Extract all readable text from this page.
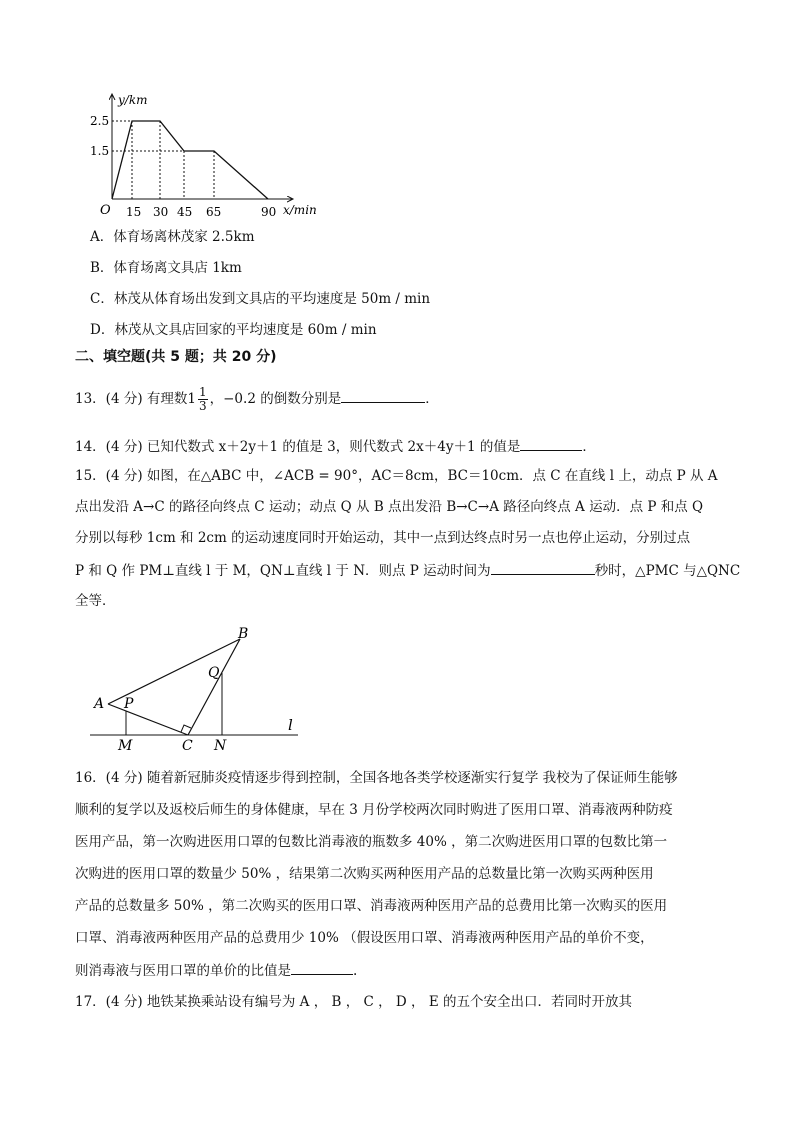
y/km
2.5
1.5
O 15 30 45 65	90 x/min
A．体育场离林茂家 2.5km
B．体育场离文具店 1km
C．林茂从体育场出发到文具店的平均速度是 50m / min
D．林茂从文具店回家的平均速度是 60m / min
二、填空题(共 5 题；共 20 分)
13．(4 分) 有理数$1 \frac{1}{3}$ ，−0.2 的倒数分别是	．
14．(4 分) 已知代数式 x＋2y＋1 的值是 3，则代数式 2x＋4y＋1 的值是	．
15．(4 分) 如图，在△ABC 中，∠ACB = 90°，AC＝8cm，BC＝10cm．点 C 在直线 l 上，动点 P 从 A
点出发沿 A→C 的路径向终点 C 运动；动点 Q 从 B 点出发沿 B→C→A 路径向终点 A 运动．点 P 和点 Q
分别以每秒 1cm 和 2cm 的运动速度同时开始运动，其中一点到达终点时另一点也停止运动，分别过点
P 和 Q 作 PM⊥直线 l 于 M，QN⊥直线 l 于 N．则点 P 运动时间为	秒时，△PMC 与△QNC
全等．
A P
B
Q
M	C N
l
16．(4 分) 随着新冠肺炎疫情逐步得到控制，全国各地各类学校逐渐实行复学 我校为了保证师生能够
顺利的复学以及返校后师生的身体健康，早在 3 月份学校两次同时购进了医用口罩、消毒液两种防疫
医用产品，第一次购进医用口罩的包数比消毒液的瓶数多 40% ，第二次购进医用口罩的包数比第一
次购进的医用口罩的数量少 50% ，结果第二次购买两种医用产品的总数量比第一次购买两种医用
产品的总数量多 50% ，第二次购买的医用口罩、消毒液两种医用产品的总费用比第一次购买的医用
口罩、消毒液两种医用产品的总费用少 10% （假设医用口罩、消毒液两种医用产品的单价不变，
则消毒液与医用口罩的单价的比值是	.
17．(4 分) 地铁某换乘站设有编号为 A ， B ， C ， D ， E 的五个安全出口．若同时开放其
